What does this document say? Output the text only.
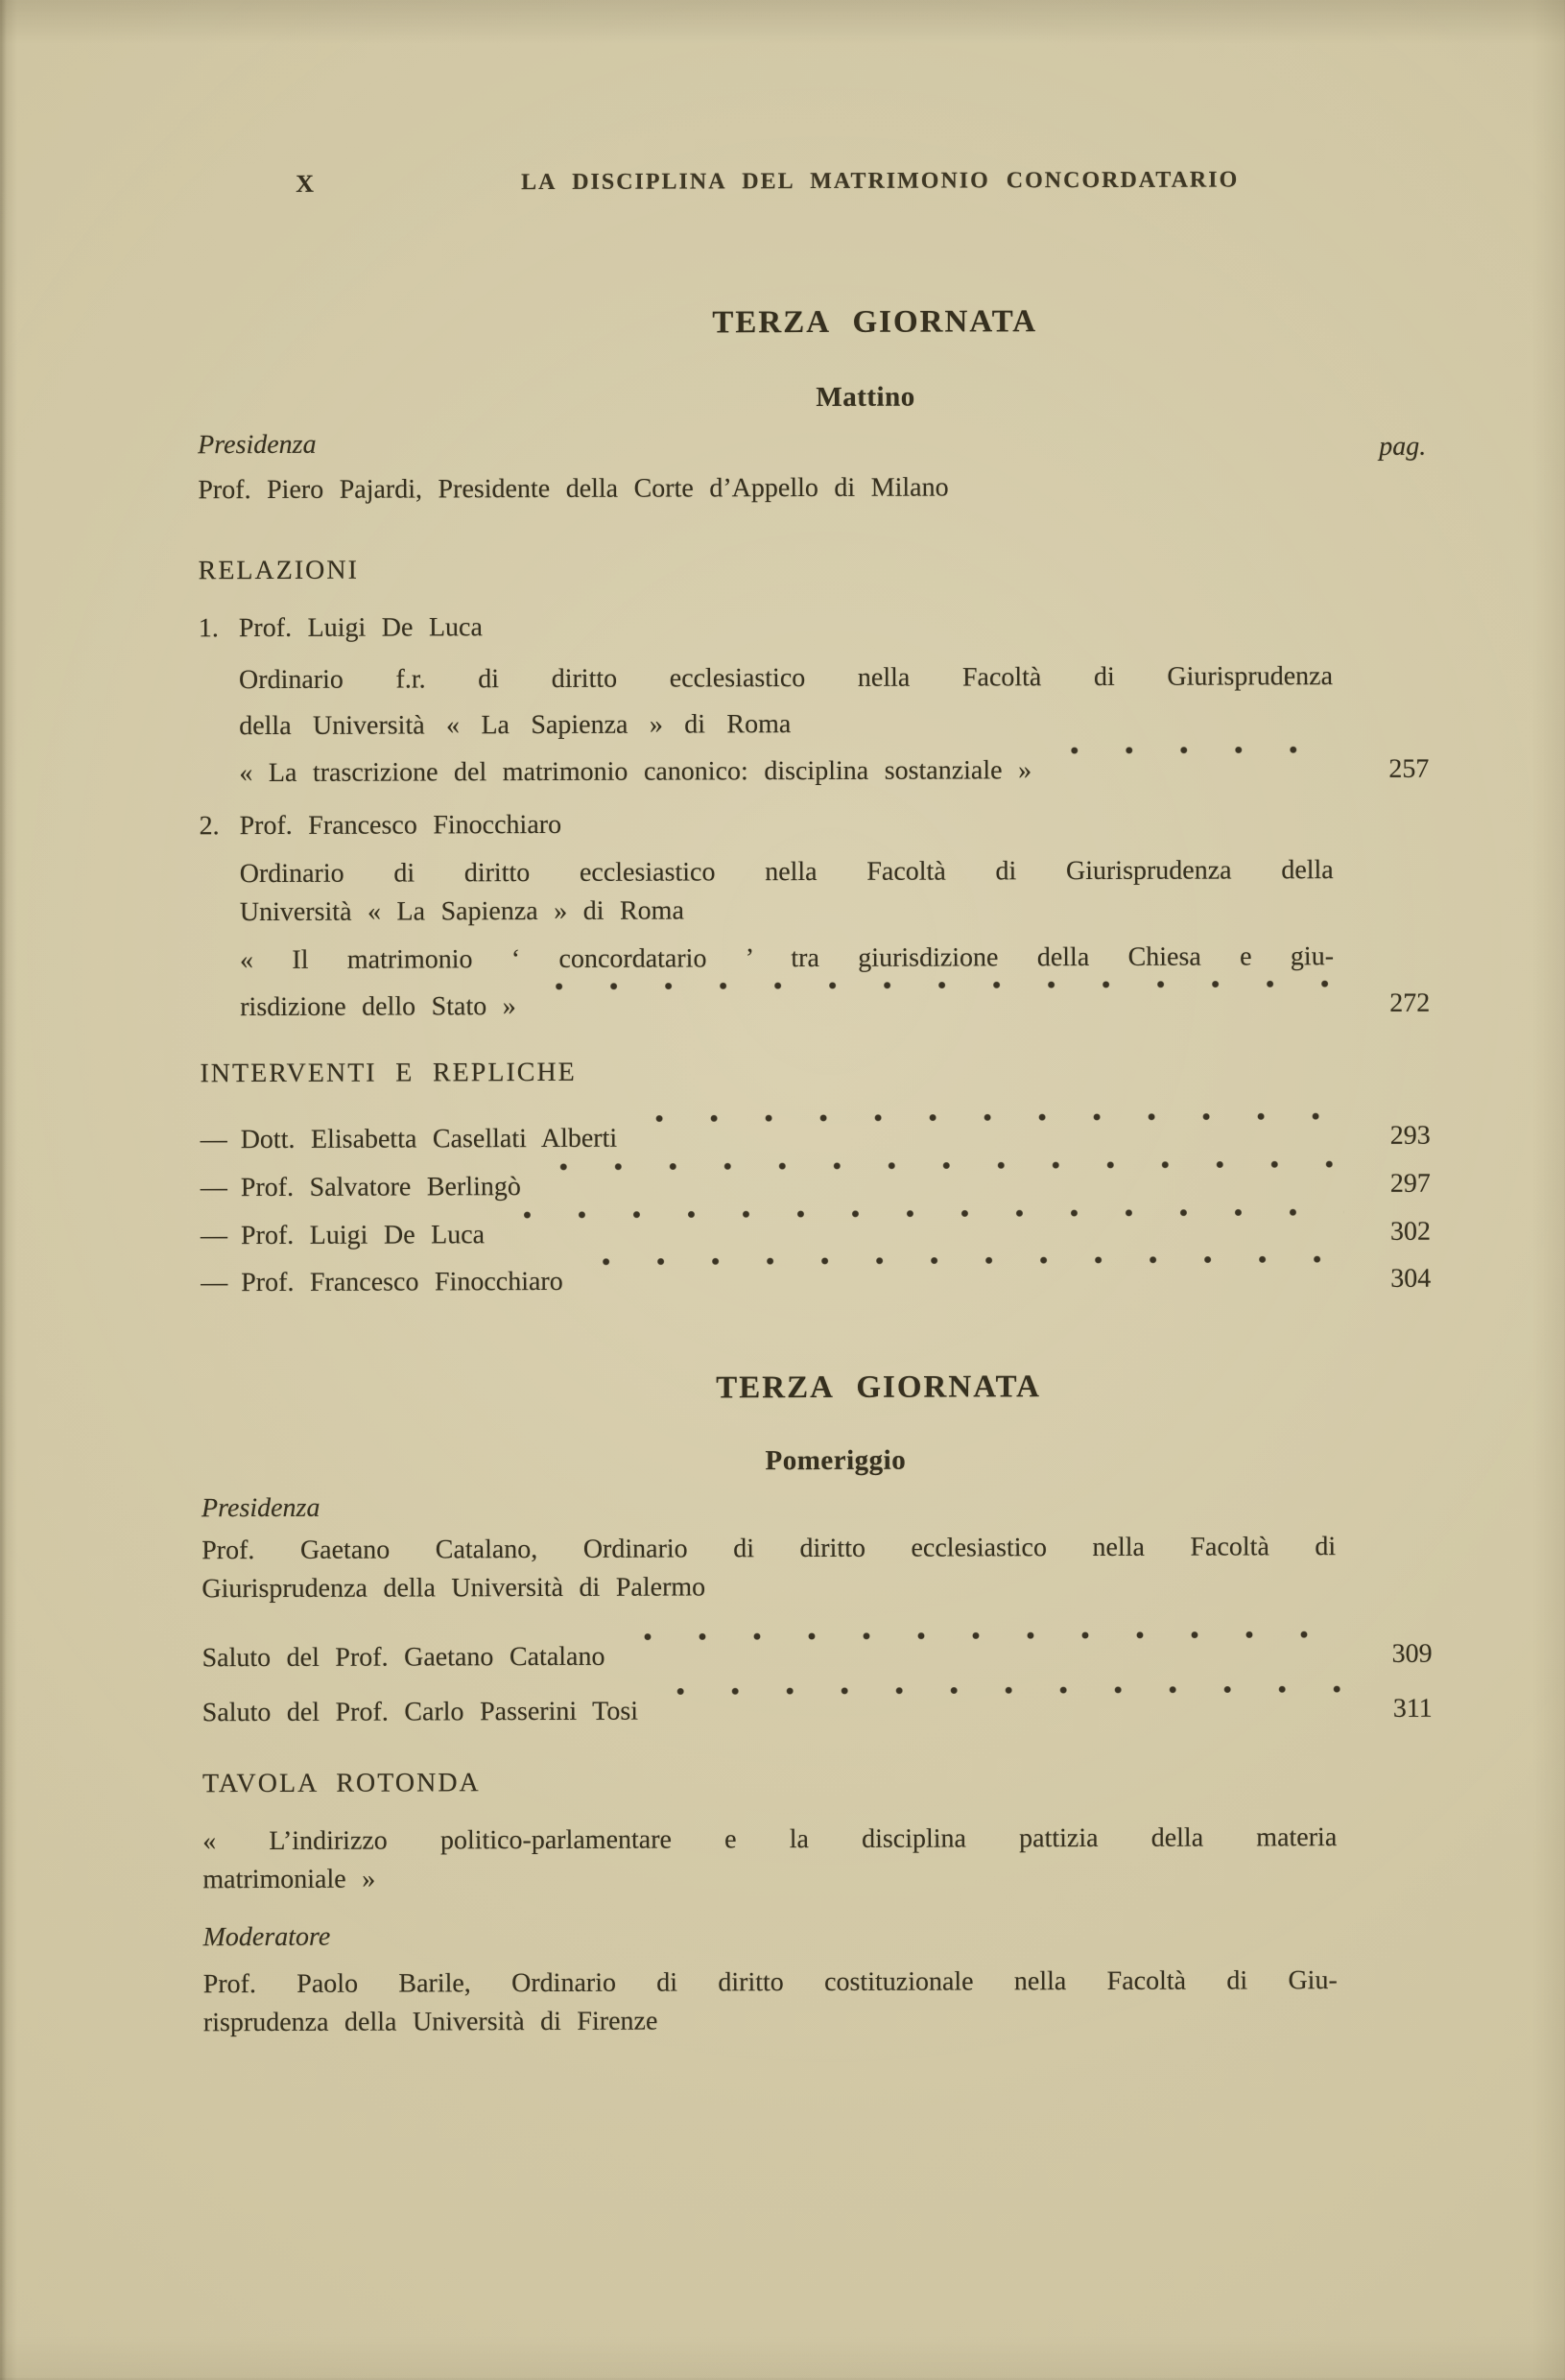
X	LA DISCIPLINA DEL MATRIMONIO CONCORDATARIO
TERZA GIORNATA
Mattino
Presidenza	pag.
Prof. Piero Pajardi, Presidente della Corte d’Appello di Milano
RELAZIONI
1. Prof. Luigi De Luca
Ordinario f.r. di diritto ecclesiastico nella Facoltà di Giurisprudenza
della Università « La Sapienza » di Roma
« La trascrizione del matrimonio canonico: disciplina sostanziale »	257
2. Prof. Francesco Finocchiaro
Ordinario di diritto ecclesiastico nella Facoltà di Giurisprudenza della
Università « La Sapienza » di Roma
« Il matrimonio ‘ concordatario ’ tra giurisdizione della Chiesa e giu-
risdizione dello Stato »	272
INTERVENTI E REPLICHE
— Dott. Elisabetta Casellati Alberti	293
— Prof. Salvatore Berlingò	297
— Prof. Luigi De Luca	302
— Prof. Francesco Finocchiaro	304
TERZA GIORNATA
Pomeriggio
Presidenza
Prof. Gaetano Catalano, Ordinario di diritto ecclesiastico nella Facoltà di
Giurisprudenza della Università di Palermo
Saluto del Prof. Gaetano Catalano	309
Saluto del Prof. Carlo Passerini Tosi	311
TAVOLA ROTONDA
« L’indirizzo politico-parlamentare e la disciplina pattizia della materia
matrimoniale »
Moderatore
Prof. Paolo Barile, Ordinario di diritto costituzionale nella Facoltà di Giu-
risprudenza della Università di Firenze
